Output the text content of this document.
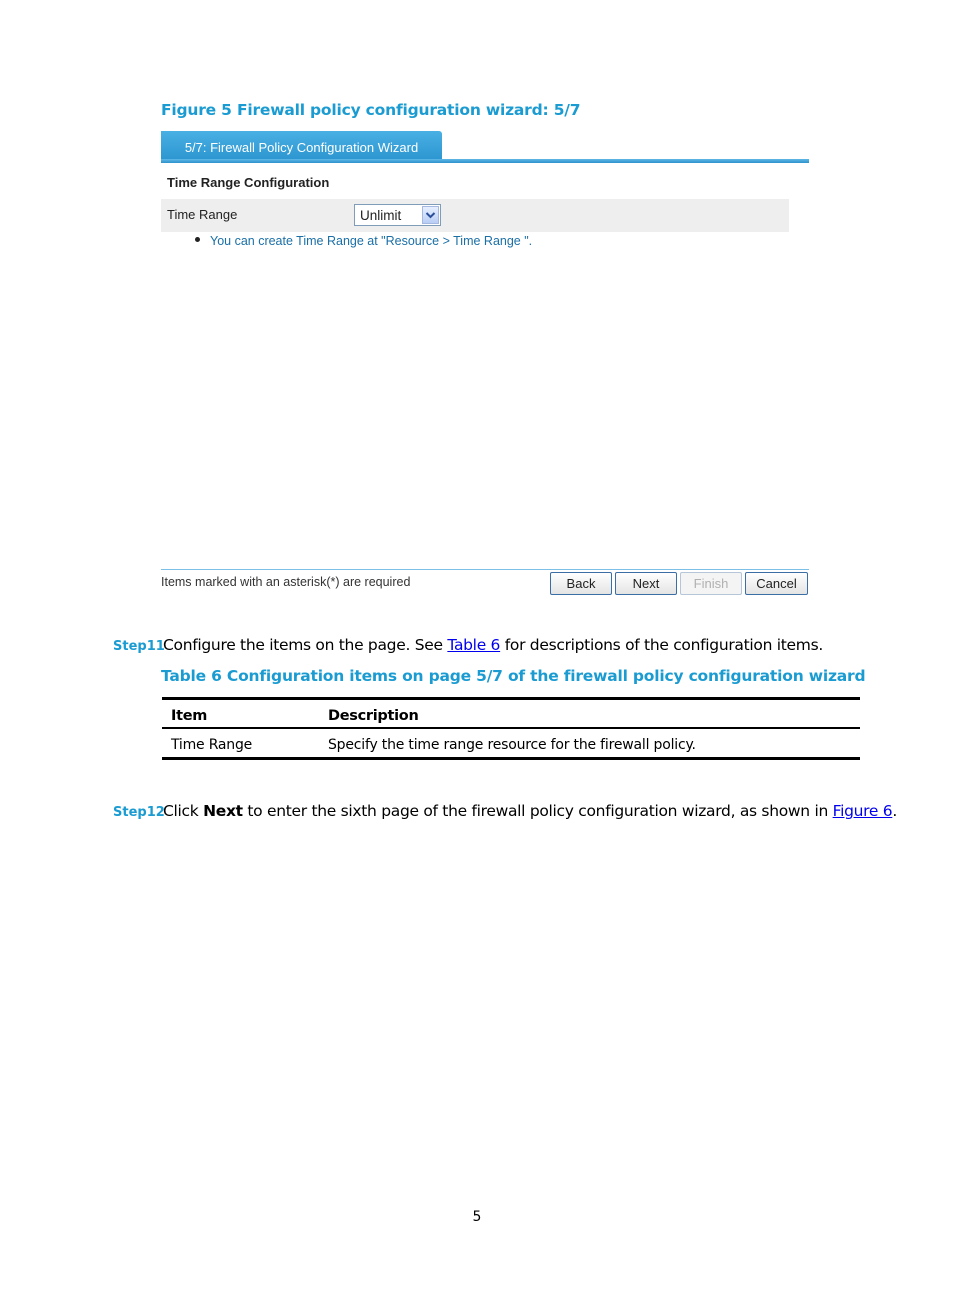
Figure 5 Firewall policy configuration wizard: 5/7
5/7: Firewall Policy Configuration Wizard
Time Range Configuration
Time Range	Unlimit
You can create Time Range at "Resource > Time Range ".
Items marked with an asterisk(*) are required	Back	Next	Finish	Cancel
Step11
Configure the items on the page. See Table 6 for descriptions of the configuration items.
Table 6 Configuration items on page 5/7 of the firewall policy configuration wizard
Item	Description
Time Range	Specify the time range resource for the firewall policy.
Step12
Click Next to enter the sixth page of the firewall policy configuration wizard, as shown in Figure 6.
5
